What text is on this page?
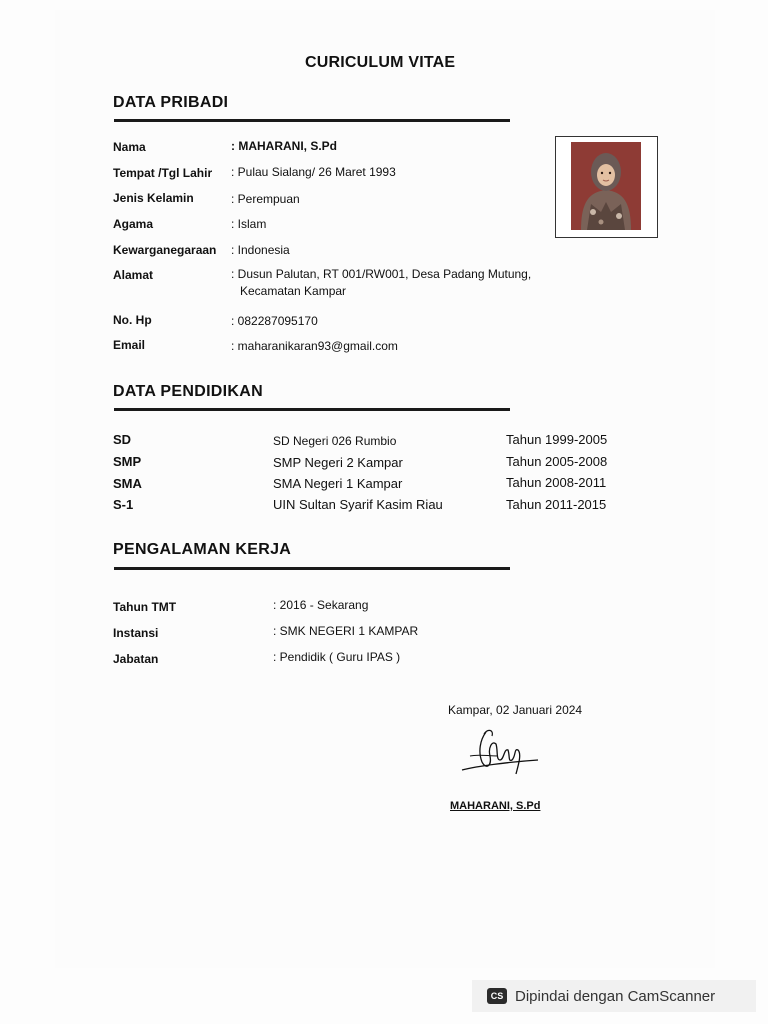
CURICULUM VITAE
DATA PRIBADI
Nama	: MAHARANI, S.Pd
Tempat /Tgl Lahir : Pulau Sialang/ 26 Maret 1993
Jenis Kelamin	: Perempuan
Agama	: Islam
Kewarganegaraan : Indonesia
Alamat	: Dusun Palutan, RT 001/RW001, Desa Padang Mutung,
Kecamatan Kampar
No. Hp	: 082287095170
Email	: maharanikaran93@gmail.com
DATA PENDIDIKAN
SD	SD Negeri 026 Rumbio	Tahun 1999-2005
SMP	SMP Negeri 2 Kampar	Tahun 2005-2008
SMA	SMA Negeri 1 Kampar	Tahun 2008-2011
S-1	UIN Sultan Syarif Kasim Riau	Tahun 2011-2015
PENGALAMAN KERJA
Tahun TMT	: 2016 - Sekarang
Instansi	: SMK NEGERI 1 KAMPAR
Jabatan	: Pendidik ( Guru IPAS )
Kampar, 02 Januari 2024
MAHARANI, S.Pd
CS Dipindai dengan CamScanner
